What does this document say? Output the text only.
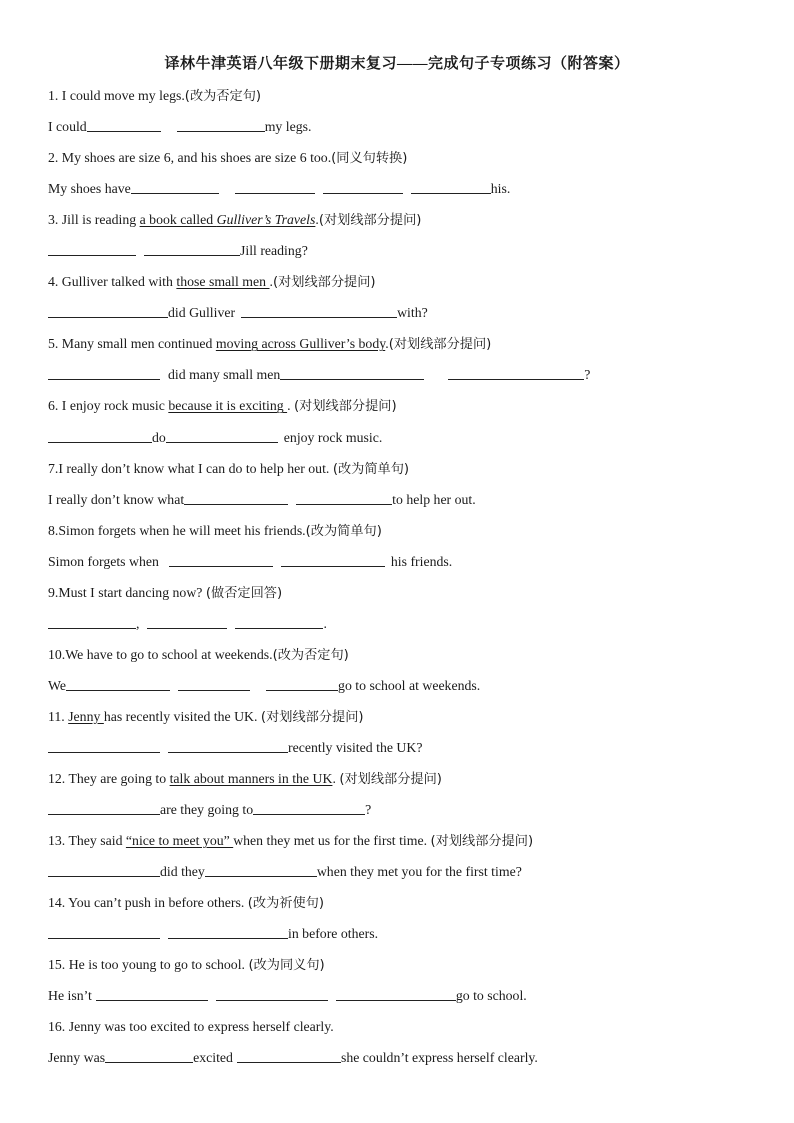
译林牛津英语八年级下册期末复习——完成句子专项练习（附答案）
1. I could move my legs.(改为否定句)
I could	my legs.
2. My shoes are size 6, and his shoes are size 6 too.(同义句转换)
My shoes have	his.
3. Jill is reading a book called Gulliver’s Travels.(对划线部分提问)
Jill reading?
4. Gulliver talked with those small men .(对划线部分提问)
did Gulliver	with?
5. Many small men continued moving across Gulliver’s body.(对划线部分提问)
did many small men	?
6. I enjoy rock music because it is exciting . (对划线部分提问)
do	enjoy rock music.
7.I really don’t know what I can do to help her out. (改为简单句)
I really don’t know what	to help her out.
8.Simon forgets when he will meet his friends.(改为简单句)
Simon forgets when	his friends.
9.Must I start dancing now? (做否定回答)
,	.
10.We have to go to school at weekends.(改为否定句)
We	go to school at weekends.
11. Jenny has recently visited the UK. (对划线部分提问)
recently visited the UK?
12. They are going to talk about manners in the UK. (对划线部分提问)
are they going to	?
13. They said “nice to meet you” when they met us for the first time. (对划线部分提问)
did they	when they met you for the first time?
14. You can’t push in before others. (改为祈使句)
in before others.
15. He is too young to go to school. (改为同义句)
He isn’t	go to school.
16. Jenny was too excited to express herself clearly.
Jenny was	excited	she couldn’t express herself clearly.
